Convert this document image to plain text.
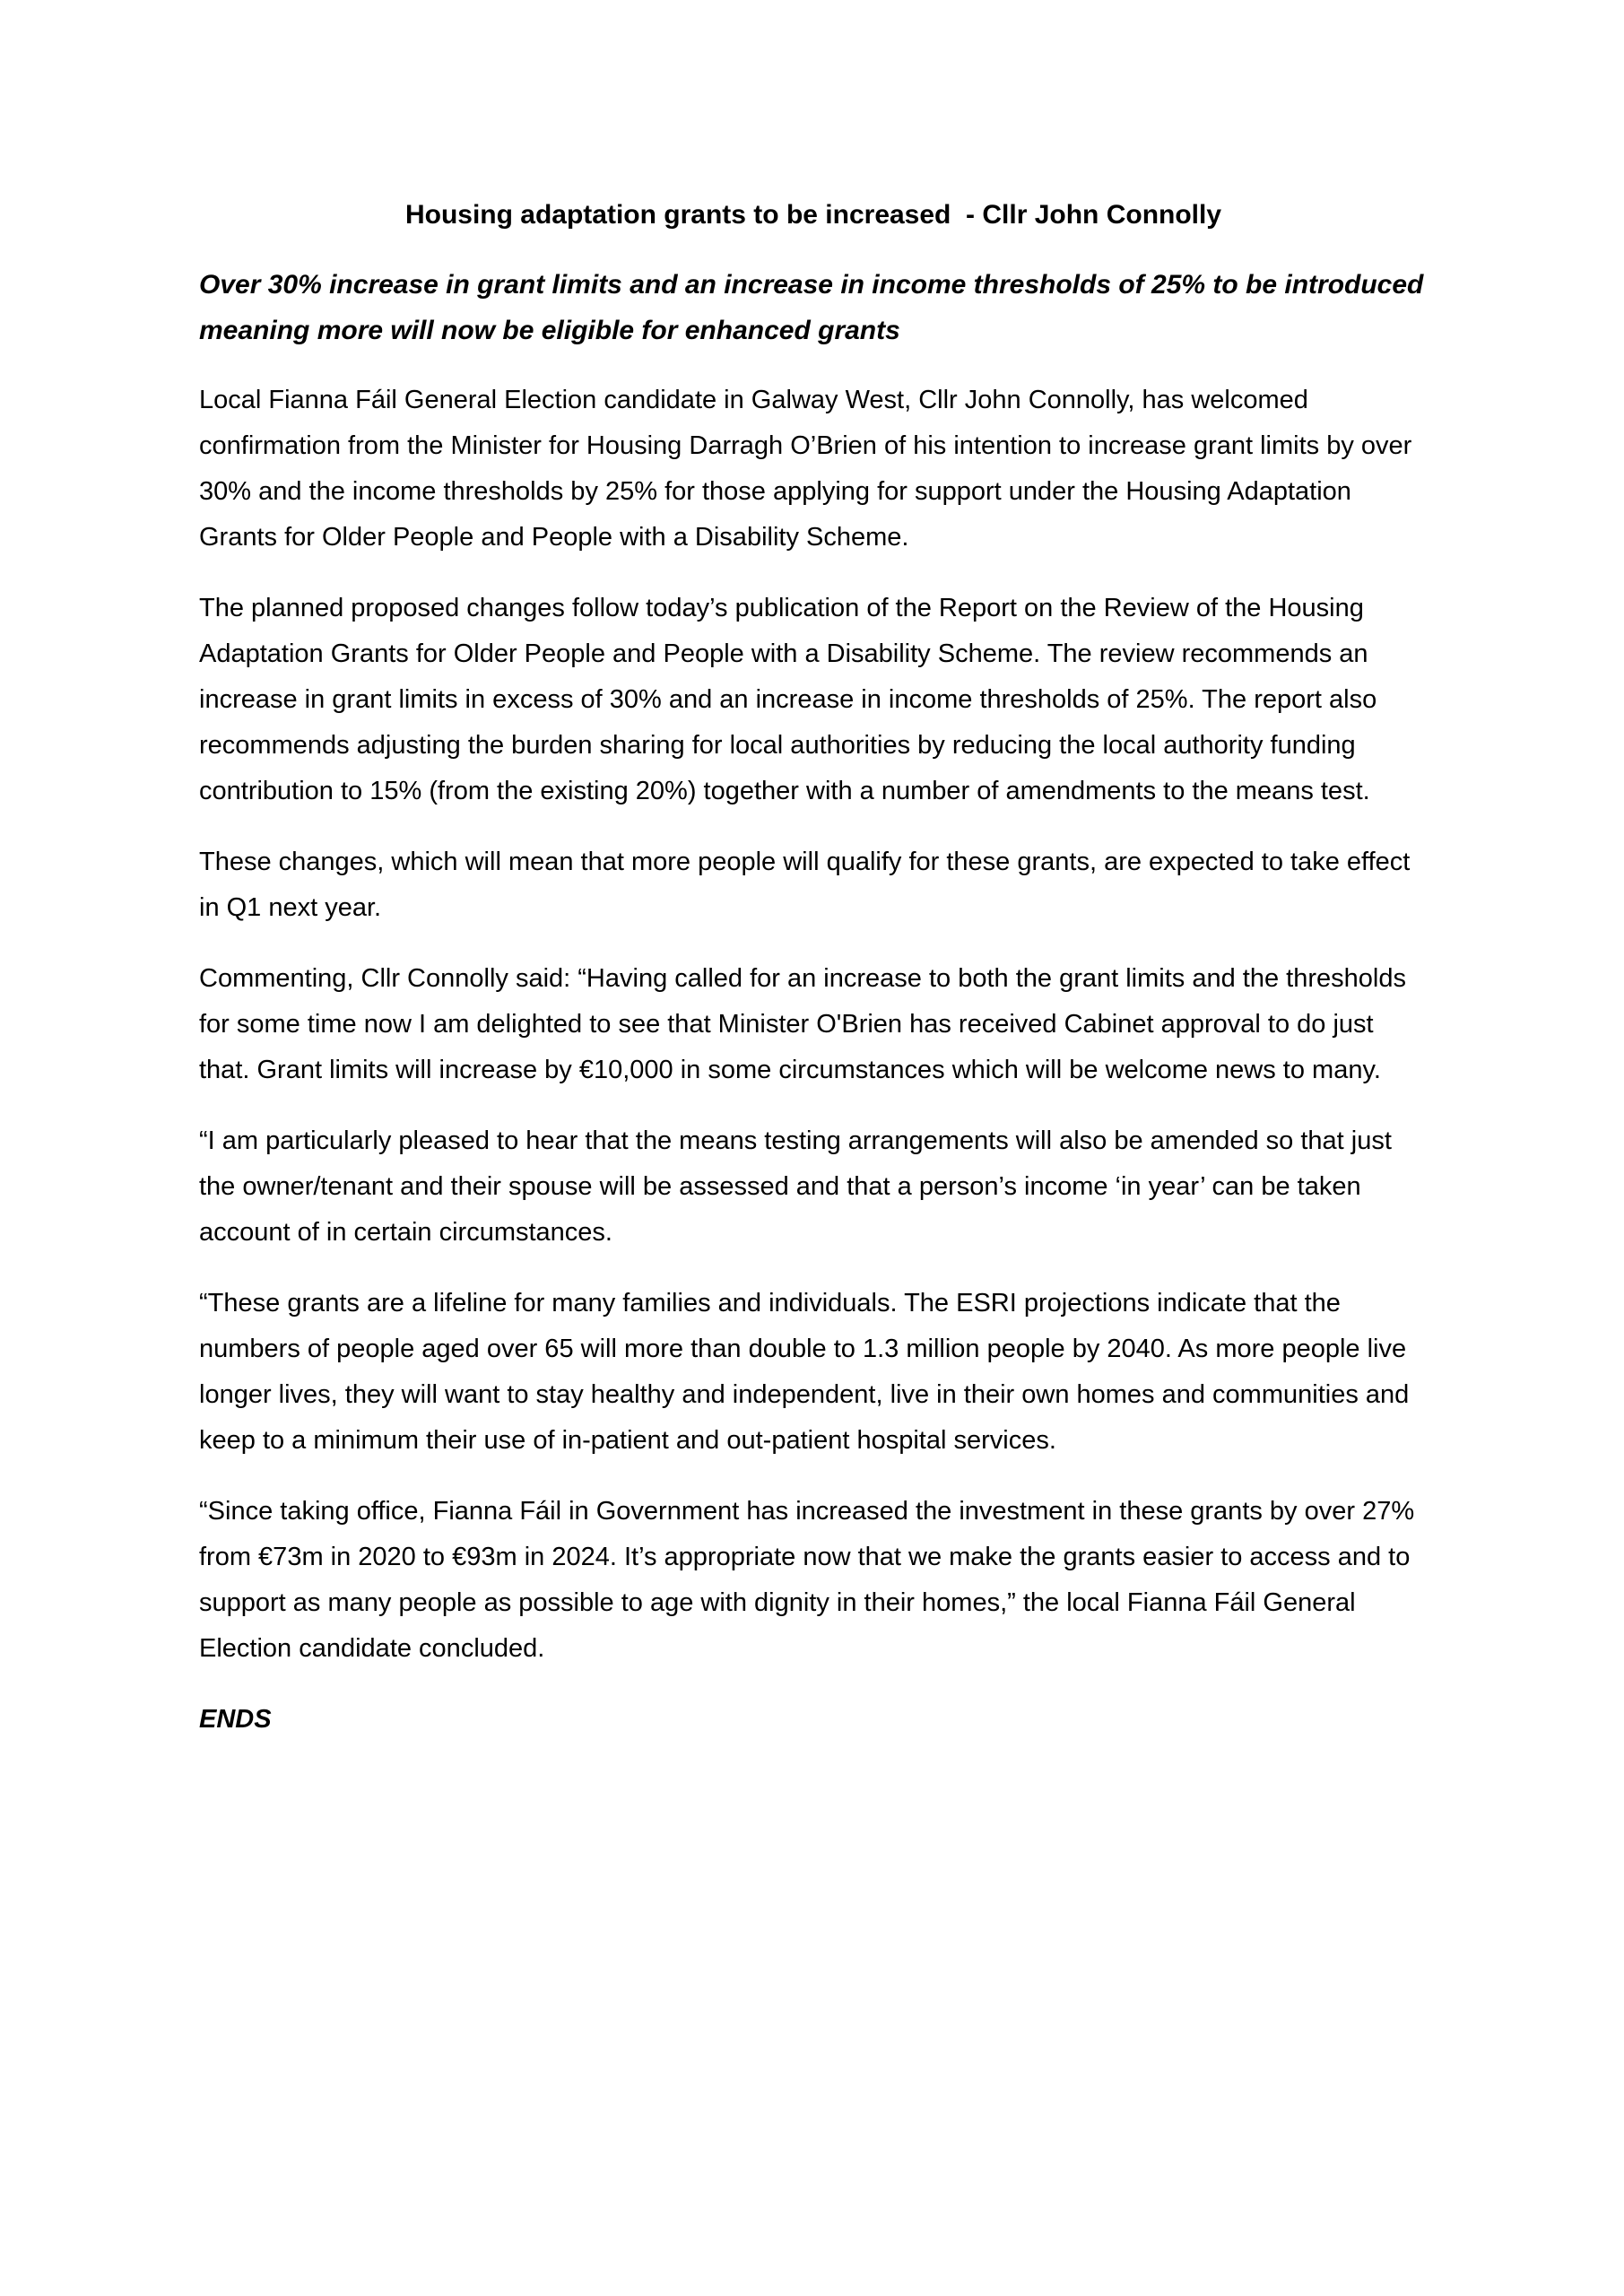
Housing adaptation grants to be increased  - Cllr John Connolly
Over 30% increase in grant limits and an increase in income thresholds of 25% to be introduced meaning more will now be eligible for enhanced grants

Local Fianna Fáil General Election candidate in Galway West, Cllr John Connolly, has welcomed confirmation from the Minister for Housing Darragh O’Brien of his intention to increase grant limits by over 30% and the income thresholds by 25% for those applying for support under the Housing Adaptation Grants for Older People and People with a Disability Scheme.

The planned proposed changes follow today’s publication of the Report on the Review of the Housing Adaptation Grants for Older People and People with a Disability Scheme. The review recommends an increase in grant limits in excess of 30% and an increase in income thresholds of 25%. The report also recommends adjusting the burden sharing for local authorities by reducing the local authority funding contribution to 15% (from the existing 20%) together with a number of amendments to the means test.

These changes, which will mean that more people will qualify for these grants, are expected to take effect in Q1 next year.

Commenting, Cllr Connolly said: “Having called for an increase to both the grant limits and the thresholds for some time now I am delighted to see that Minister O'Brien has received Cabinet approval to do just that. Grant limits will increase by €10,000 in some circumstances which will be welcome news to many.

“I am particularly pleased to hear that the means testing arrangements will also be amended so that just the owner/tenant and their spouse will be assessed and that a person’s income ‘in year’ can be taken account of in certain circumstances.

“These grants are a lifeline for many families and individuals. The ESRI projections indicate that the numbers of people aged over 65 will more than double to 1.3 million people by 2040. As more people live longer lives, they will want to stay healthy and independent, live in their own homes and communities and keep to a minimum their use of in-patient and out-patient hospital services.

“Since taking office, Fianna Fáil in Government has increased the investment in these grants by over 27% from €73m in 2020 to €93m in 2024. It’s appropriate now that we make the grants easier to access and to support as many people as possible to age with dignity in their homes,” the local Fianna Fáil General Election candidate concluded.

ENDS
